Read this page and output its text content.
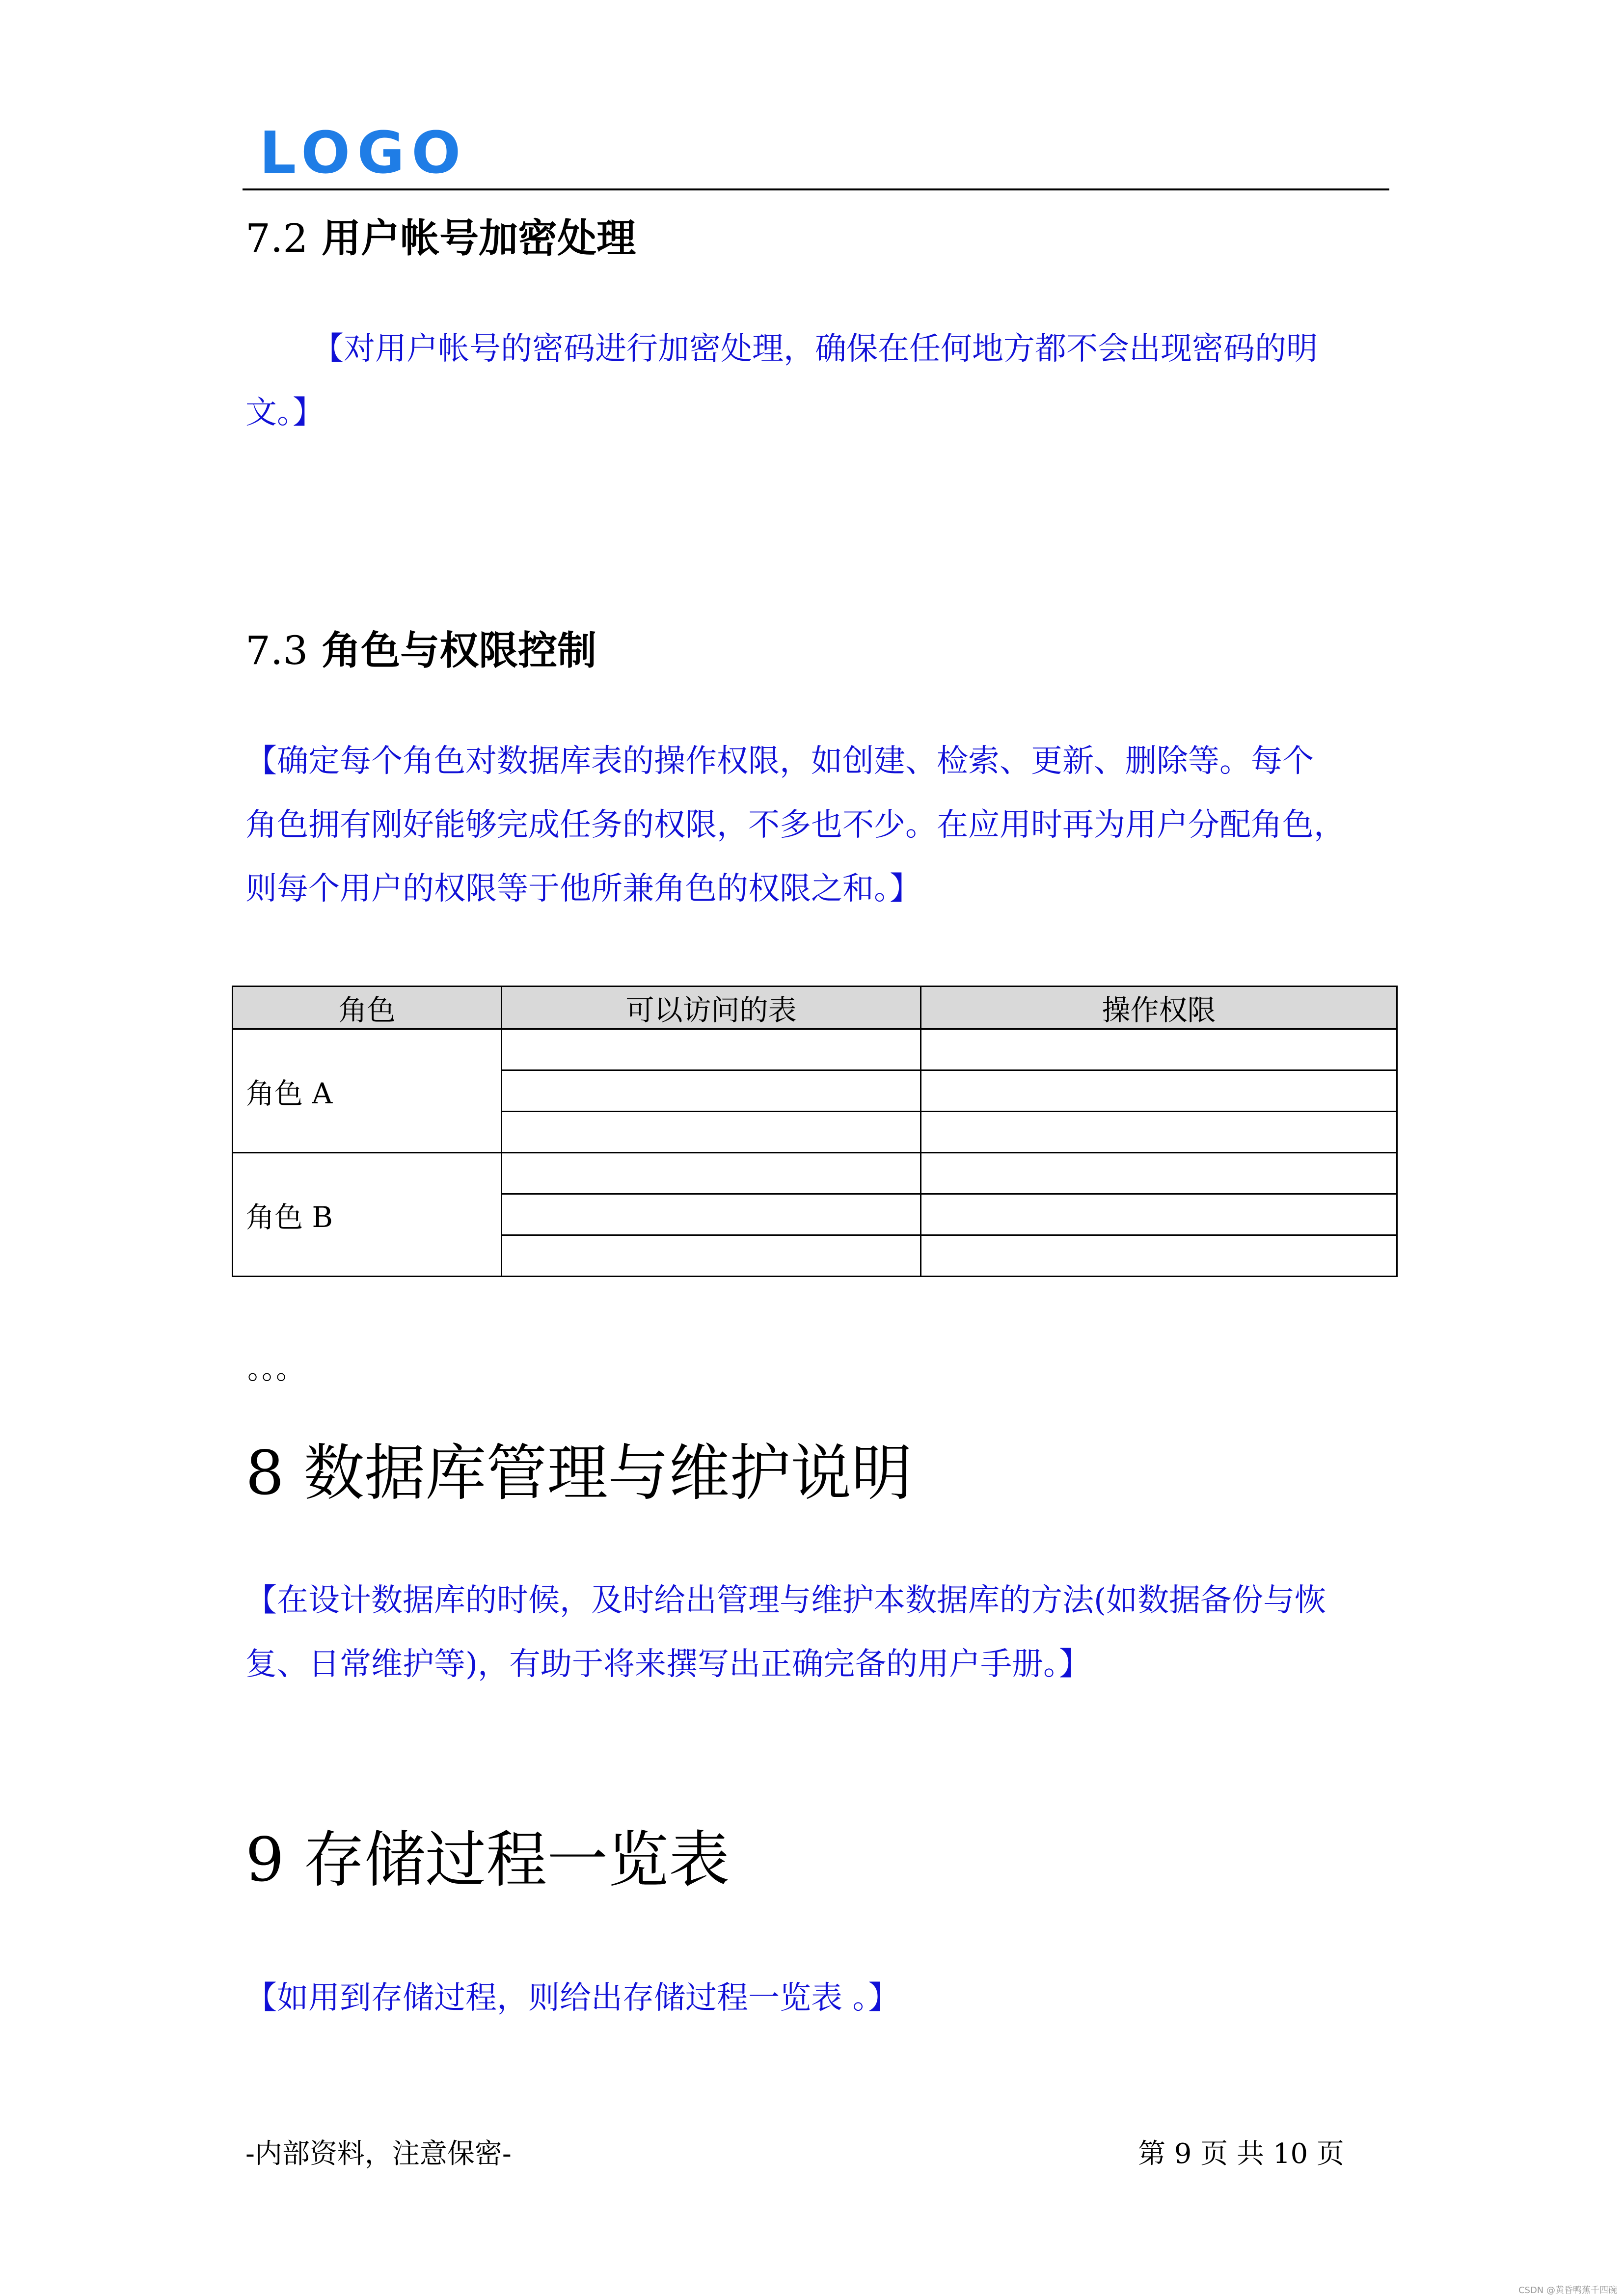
LOGO
7.2 用户帐号加密处理
【对用户帐号的密码进行加密处理，确保在任何地方都不会出现密码的明
文。】
7.3 角色与权限控制
【确定每个角色对数据库表的操作权限，如创建、检索、更新、删除等。每个
角色拥有刚好能够完成任务的权限，不多也不少。在应用时再为用户分配角色，
则每个用户的权限等于他所兼角色的权限之和。】
角色	可以访问的表	操作权限
角色 A		

角色 B		

。。。
8 数据库管理与维护说明
【在设计数据库的时候，及时给出管理与维护本数据库的方法(如数据备份与恢
复、日常维护等)，有助于将来撰写出正确完备的用户手册。】
9 存储过程一览表
【如用到存储过程，则给出存储过程一览表 。】
-内部资料，注意保密-	第 9 页 共 10 页
CSDN @黄昏鸭蕉千四碗
